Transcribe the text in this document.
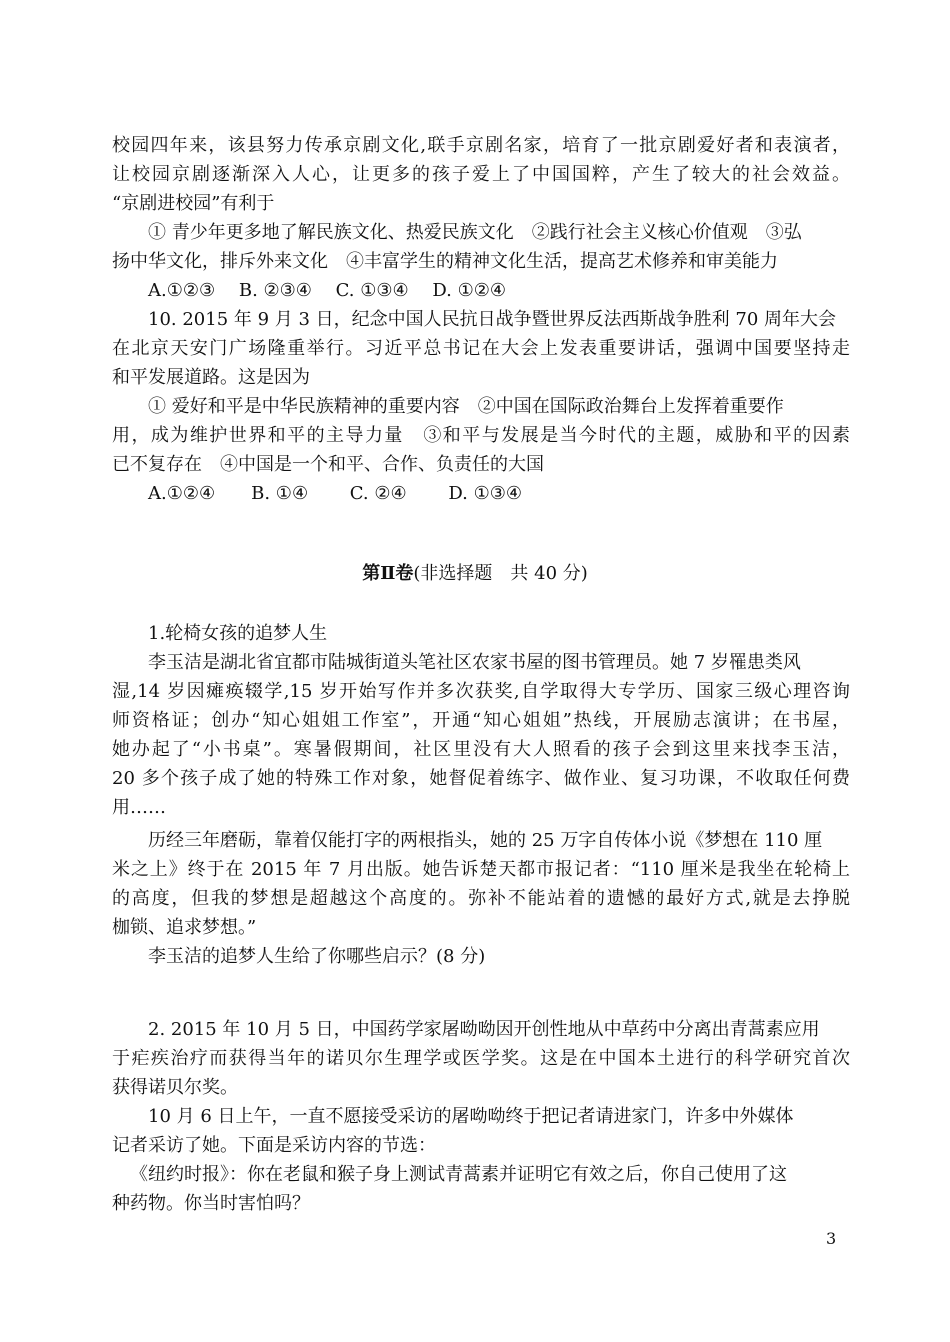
校园四年来，该县努力传承京剧文化,联手京剧名家，培育了一批京剧爱好者和表演者，
让校园京剧逐渐深入人心，让更多的孩子爱上了中国国粹，产生了较大的社会效益。
“京剧进校园”有利于
① 青少年更多地了解民族文化、热爱民族文化　②践行社会主义核心价值观　③弘
扬中华文化，排斥外来文化　④丰富学生的精神文化生活，提高艺术修养和审美能力
A.①②③　 B. ②③④　 C. ①③④　 D. ①②④
10. 2015 年 9 月 3 日，纪念中国人民抗日战争暨世界反法西斯战争胜利 70 周年大会
在北京天安门广场隆重举行。习近平总书记在大会上发表重要讲话，强调中国要坚持走
和平发展道路。这是因为
① 爱好和平是中华民族精神的重要内容　②中国在国际政治舞台上发挥着重要作
用，成为维护世界和平的主导力量　③和平与发展是当今时代的主题，威胁和平的因素
已不复存在　④中国是一个和平、合作、负责任的大国
A.①②④　　B. ①④　　 C. ②④　　 D. ①③④
第Ⅱ卷(非选择题　共 40 分)
1.轮椅女孩的追梦人生
李玉洁是湖北省宜都市陆城街道头笔社区农家书屋的图书管理员。她 7 岁罹患类风
湿,14 岁因瘫痪辍学,15 岁开始写作并多次获奖,自学取得大专学历、国家三级心理咨询
师资格证；创办“知心姐姐工作室”，开通“知心姐姐”热线，开展励志演讲；在书屋，
她办起了“小书桌”。寒暑假期间，社区里没有大人照看的孩子会到这里来找李玉洁，
20 多个孩子成了她的特殊工作对象，她督促着练字、做作业、复习功课，不收取任何费
用……
历经三年磨砺，靠着仅能打字的两根指头，她的 25 万字自传体小说《梦想在 110 厘
米之上》终于在 2015 年 7 月出版。她告诉楚天都市报记者：“110 厘米是我坐在轮椅上
的高度，但我的梦想是超越这个高度的。弥补不能站着的遗憾的最好方式,就是去挣脱
枷锁、追求梦想。”
李玉洁的追梦人生给了你哪些启示？(8 分)
2. 2015 年 10 月 5 日，中国药学家屠呦呦因开创性地从中草药中分离出青蒿素应用
于疟疾治疗而获得当年的诺贝尔生理学或医学奖。这是在中国本土进行的科学研究首次
获得诺贝尔奖。
10 月 6 日上午，一直不愿接受采访的屠呦呦终于把记者请进家门，许多中外媒体
记者采访了她。下面是采访内容的节选：
《纽约时报》：你在老鼠和猴子身上测试青蒿素并证明它有效之后，你自己使用了这
种药物。你当时害怕吗？
3
